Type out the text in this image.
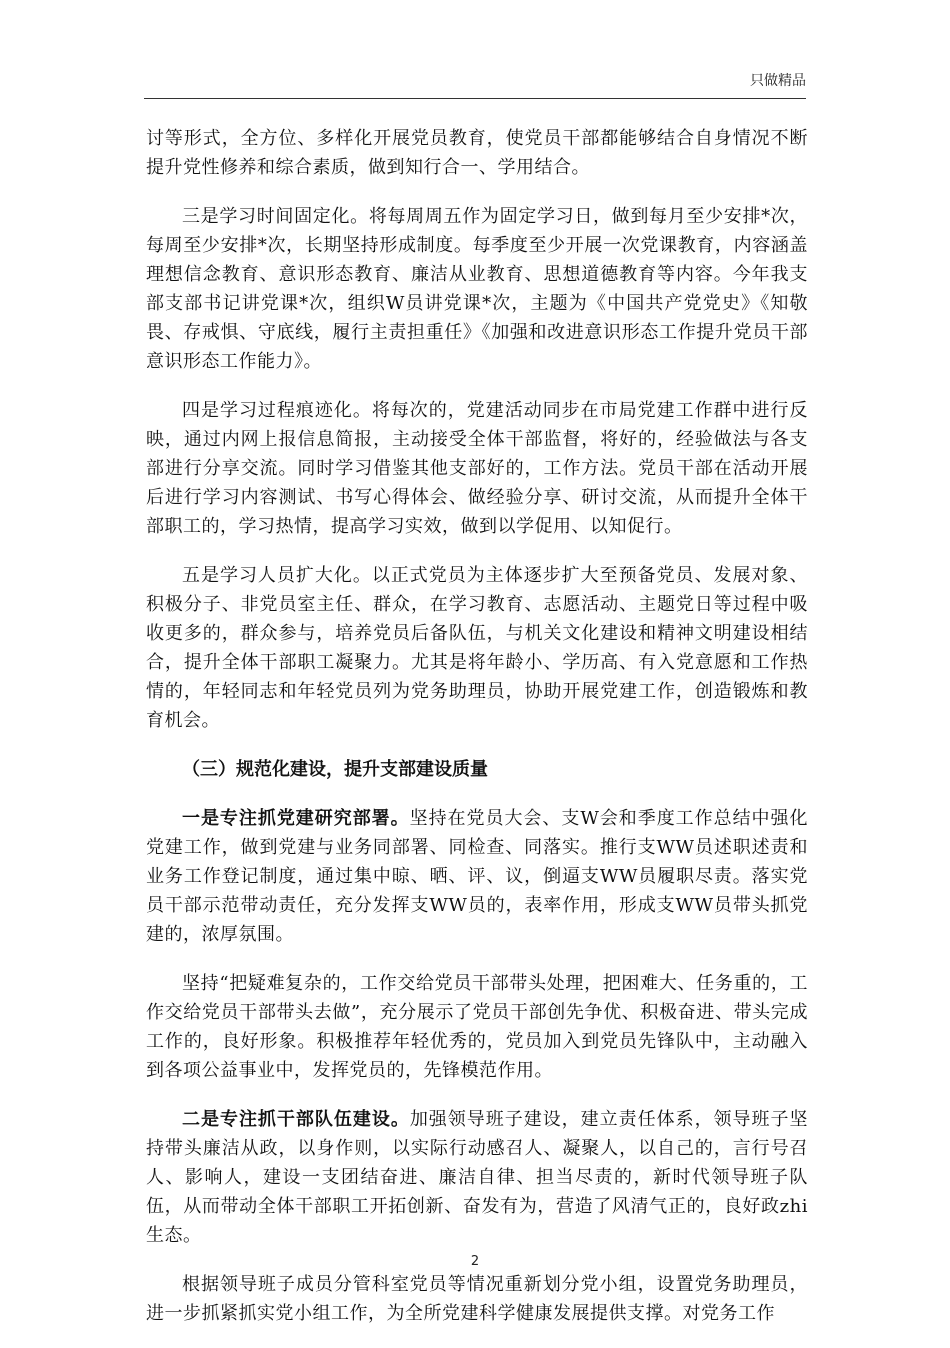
只做精品

讨等形式，全方位、多样化开展党员教育，使党员干部都能够结合自身情况不断提升党性修养和综合素质，做到知行合一、学用结合。

三是学习时间固定化。将每周周五作为固定学习日，做到每月至少安排*次，每周至少安排*次，长期坚持形成制度。每季度至少开展一次党课教育，内容涵盖理想信念教育、意识形态教育、廉洁从业教育、思想道德教育等内容。今年我支部支部书记讲党课*次，组织W员讲党课*次，主题为《中国共产党党史》《知敬畏、存戒惧、守底线，履行主责担重任》《加强和改进意识形态工作提升党员干部意识形态工作能力》。

四是学习过程痕迹化。将每次的，党建活动同步在市局党建工作群中进行反映，通过内网上报信息简报，主动接受全体干部监督，将好的，经验做法与各支部进行分享交流。同时学习借鉴其他支部好的，工作方法。党员干部在活动开展后进行学习内容测试、书写心得体会、做经验分享、研讨交流，从而提升全体干部职工的，学习热情，提高学习实效，做到以学促用、以知促行。

五是学习人员扩大化。以正式党员为主体逐步扩大至预备党员、发展对象、积极分子、非党员室主任、群众，在学习教育、志愿活动、主题党日等过程中吸收更多的，群众参与，培养党员后备队伍，与机关文化建设和精神文明建设相结合，提升全体干部职工凝聚力。尤其是将年龄小、学历高、有入党意愿和工作热情的，年轻同志和年轻党员列为党务助理员，协助开展党建工作，创造锻炼和教育机会。

（三）规范化建设，提升支部建设质量

一是专注抓党建研究部署。坚持在党员大会、支W会和季度工作总结中强化党建工作，做到党建与业务同部署、同检查、同落实。推行支WW员述职述责和业务工作登记制度，通过集中晾、晒、评、议，倒逼支WW员履职尽责。落实党员干部示范带动责任，充分发挥支WW员的，表率作用，形成支WW员带头抓党建的，浓厚氛围。

坚持“把疑难复杂的，工作交给党员干部带头处理，把困难大、任务重的，工作交给党员干部带头去做”，充分展示了党员干部创先争优、积极奋进、带头完成工作的，良好形象。积极推荐年轻优秀的，党员加入到党员先锋队中，主动融入到各项公益事业中，发挥党员的，先锋模范作用。

二是专注抓干部队伍建设。加强领导班子建设，建立责任体系，领导班子坚持带头廉洁从政，以身作则，以实际行动感召人、凝聚人，以自己的，言行号召人、影响人，建设一支团结奋进、廉洁自律、担当尽责的，新时代领导班子队伍，从而带动全体干部职工开拓创新、奋发有为，营造了风清气正的，良好政zhi生态。

根据领导班子成员分管科室党员等情况重新划分党小组，设置党务助理员，进一步抓紧抓实党小组工作，为全所党建科学健康发展提供支撑。对党务工作

2
